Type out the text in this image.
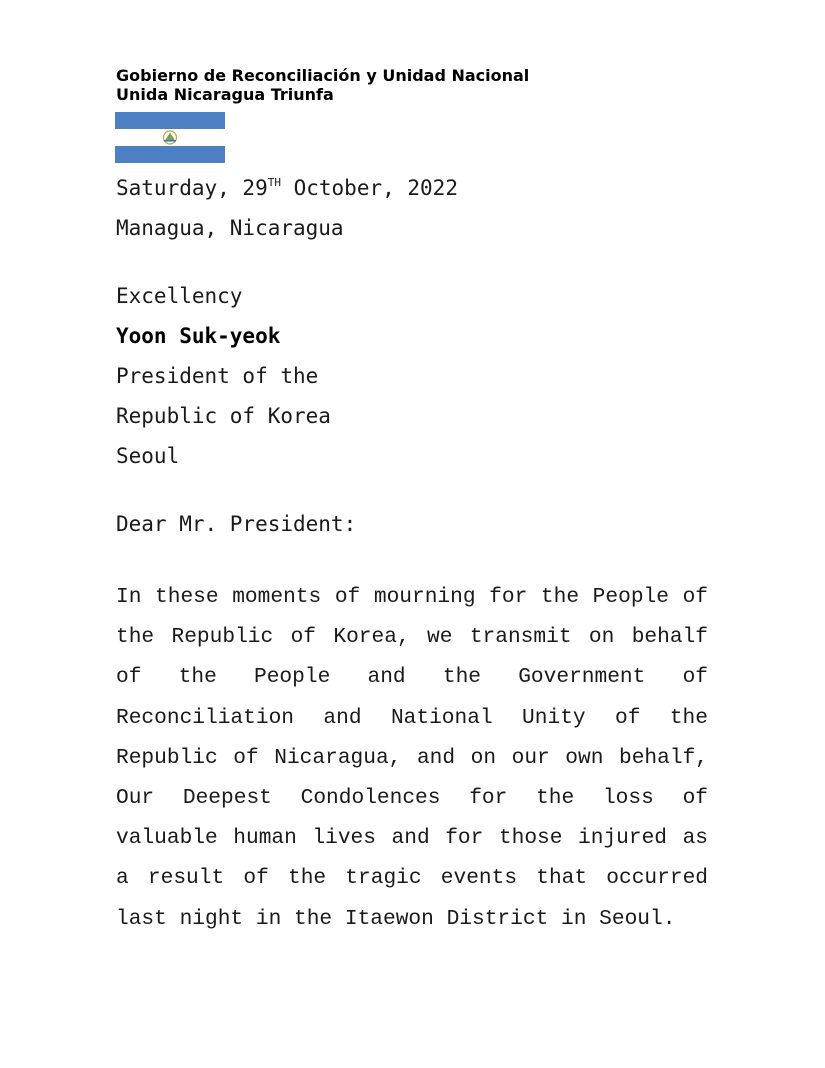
Gobierno de Reconciliación y Unidad Nacional
Unida Nicaragua Triunfa
Saturday, 29TH October, 2022
Managua, Nicaragua
Excellency
Yoon Suk-yeok
President of the
Republic of Korea
Seoul
Dear Mr. President:
In these moments of mourning for the People of the Republic of Korea, we transmit on behalf of the People and the Government of Reconciliation and National Unity of the Republic of Nicaragua, and on our own behalf, Our Deepest Condolences for the loss of valuable human lives and for those injured as a result of the tragic events that occurred last night in the Itaewon District in Seoul.
